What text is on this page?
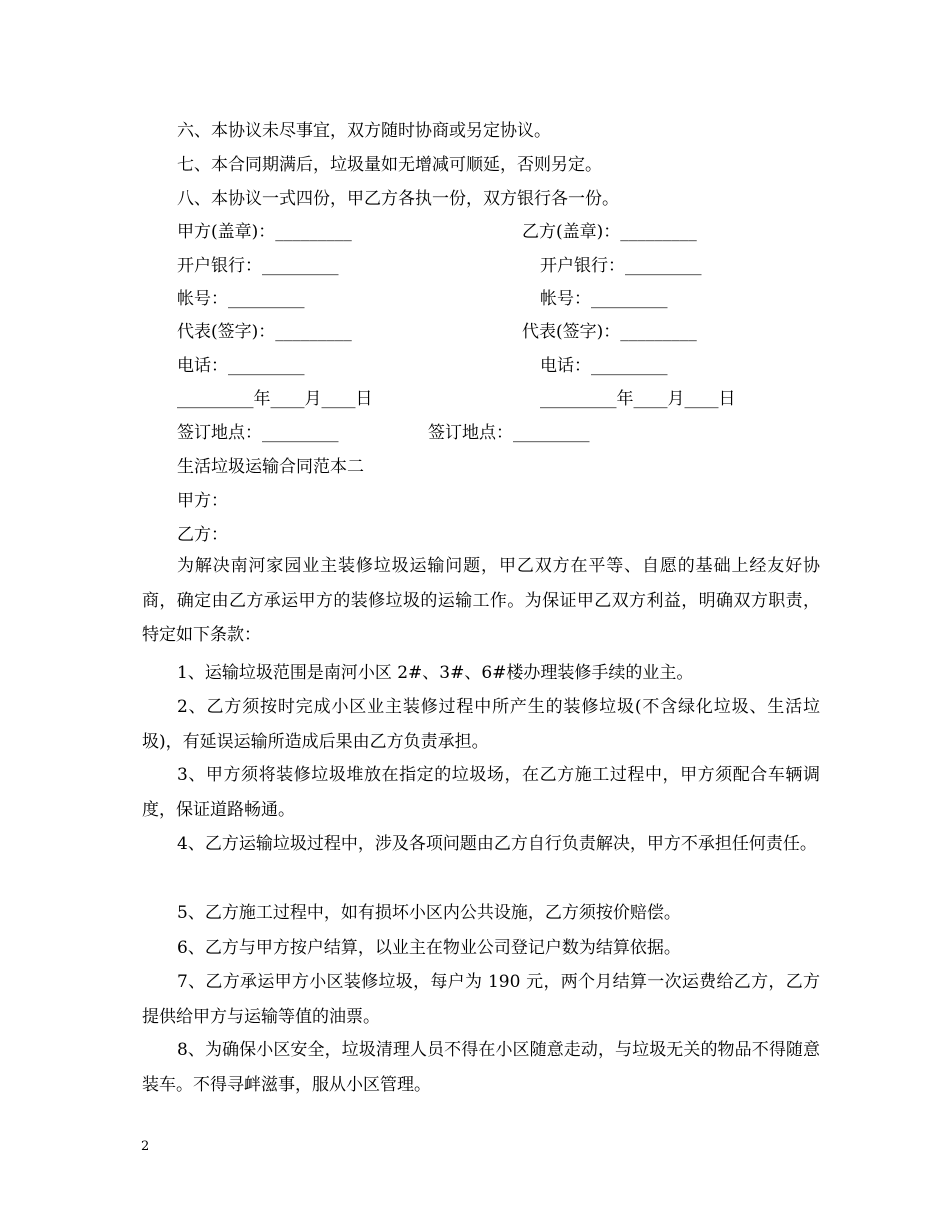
六、本协议未尽事宜，双方随时协商或另定协议。
七、本合同期满后，垃圾量如无增减可顺延，否则另定。
八、本协议一式四份，甲乙方各执一份，双方银行各一份。
甲方(盖章)：_________	乙方(盖章)：_________
开户银行：_________	开户银行：_________
帐号：_________	帐号：_________
代表(签字)：_________	代表(签字)：_________
电话：_________	电话：_________
_________年____月____日	_________年____月____日
签订地点：_________	签订地点：_________
生活垃圾运输合同范本二
甲方：
乙方：
为解决南河家园业主装修垃圾运输问题，甲乙双方在平等、自愿的基础上经友好协商，确定由乙方承运甲方的装修垃圾的运输工作。为保证甲乙双方利益，明确双方职责，特定如下条款：
1、运输垃圾范围是南河小区 2#、3#、6#楼办理装修手续的业主。
2、乙方须按时完成小区业主装修过程中所产生的装修垃圾(不含绿化垃圾、生活垃圾)，有延误运输所造成后果由乙方负责承担。
3、甲方须将装修垃圾堆放在指定的垃圾场，在乙方施工过程中，甲方须配合车辆调度，保证道路畅通。
4、乙方运输垃圾过程中，涉及各项问题由乙方自行负责解决，甲方不承担任何责任。
5、乙方施工过程中，如有损坏小区内公共设施，乙方须按价赔偿。
6、乙方与甲方按户结算，以业主在物业公司登记户数为结算依据。
7、乙方承运甲方小区装修垃圾，每户为 190 元，两个月结算一次运费给乙方，乙方提供给甲方与运输等值的油票。
8、为确保小区安全，垃圾清理人员不得在小区随意走动，与垃圾无关的物品不得随意装车。不得寻衅滋事，服从小区管理。
2
